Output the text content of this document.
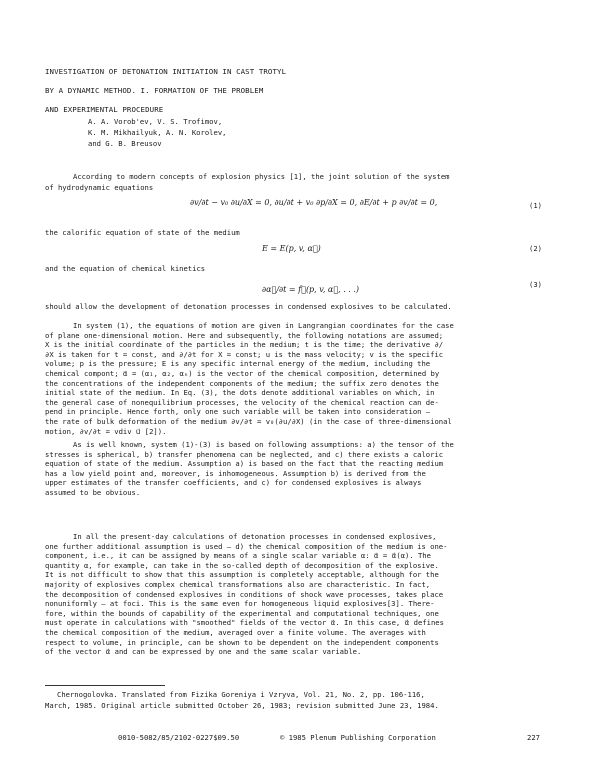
INVESTIGATION OF DETONATION INITIATION IN CAST TROTYL
BY A DYNAMIC METHOD. I. FORMATION OF THE PROBLEM
AND EXPERIMENTAL PROCEDURE
A. A. Vorob'ev, V. S. Trofimov,
K. M. Mikhailyuk, A. N. Korolev,
and G. B. Breusov
According to modern concepts of explosion physics [1], the joint solution of the system
of hydrodynamic equations
∂v/∂t − v₀ ∂u/∂X = 0, ∂u/∂t + v₀ ∂p/∂X = 0, ∂E/∂t + p ∂v/∂t = 0,	(1)
the calorific equation of state of the medium
E = E(p, v, α⃗)	(2)
and the equation of chemical kinetics
∂α⃗/∂t = f⃗(p, v, α⃗, . . .)
(3)
should allow the development of detonation processes in condensed explosives to be calculated.
In system (1), the equations of motion are given in Langrangian coordinates for the case
of plane one-dimensional motion. Here and subsequently, the following notations are assumed;
X is the initial coordinate of the particles in the medium; t is the time; the derivative ∂/
∂X is taken for t = const, and ∂/∂t for X = const; u is the mass velocity; v is the specific
volume; p is the pressure; E is any specific internal energy of the medium, including the
chemical compont; α⃗ = (α₁, α₂, αₙ) is the vector of the chemical composition, determined by
the concentrations of the independent components of the medium; the suffix zero denotes the
initial state of the medium. In Eq. (3), the dots denote additional variables on which, in
the general case of nonequilibrium processes, the velocity of the chemical reaction can de-
pend in principle. Hence forth, only one such variable will be taken into consideration —
the rate of bulk deformation of the medium ∂v/∂t = v₀(∂u/∂X) (in the case of three-dimensional
motion, ∂v/∂t = vdiv u⃗ [2]).
As is well known, system (1)-(3) is based on following assumptions: a) the tensor of the
stresses is spherical, b) transfer phenomena can be neglected, and c) there exists a caloric
equation of state of the medium. Assumption a) is based on the fact that the reacting medium
has a low yield point and, moreover, is inhomogeneous. Assumption b) is derived from the
upper estimates of the transfer coefficients, and c) for condensed explosives is always
assumed to be obvious.
In all the present-day calculations of detonation processes in condensed explosives,
one further additional assumption is used — d) the chemical composition of the medium is one-
component, i.e., it can be assigned by means of a single scalar variable α: α⃗ = α⃗(α). The
quantity α, for example, can take in the so-called depth of decomposition of the explosive.
It is not difficult to show that this assumption is completely acceptable, although for the
majority of explosives complex chemical transformations also are characteristic. In fact,
the decomposition of condensed explosives in conditions of shock wave processes, takes place
nonuniformly — at foci. This is the same even for homogeneous liquid explosives[3]. There-
fore, within the bounds of capability of the experimental and computational techniques, one
must operate in calculations with "smoothed" fields of the vector α⃗. In this case, α⃗ defines
the chemical composition of the medium, averaged over a finite volume. The averages with
respect to volume, in principle, can be shown to be dependent on the independent components
of the vector α⃗ and can be expressed by one and the same scalar variable.
Chernogolovka. Translated from Fizika Goreniya i Vzryva, Vol. 21, No. 2, pp. 106-116,
March, 1985. Original article submitted October 26, 1983; revision submitted June 23, 1984.
0010-5082/85/2102-0227$09.50	© 1985 Plenum Publishing Corporation	227
